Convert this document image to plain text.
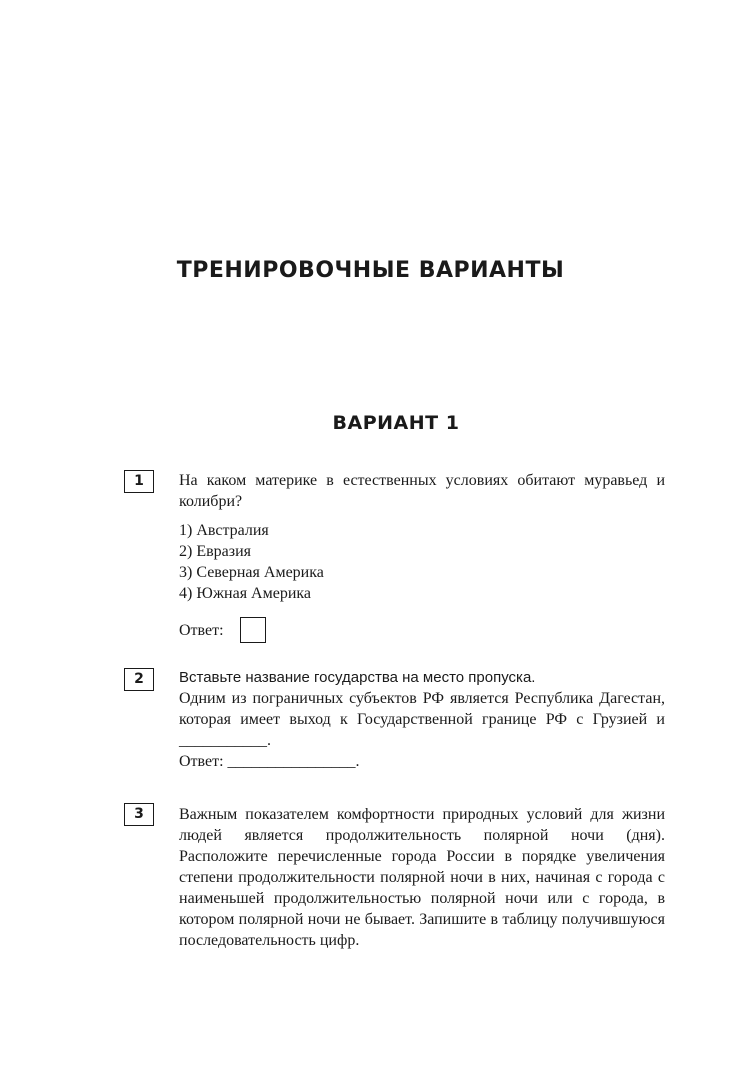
ТРЕНИРОВОЧНЫЕ ВАРИАНТЫ
ВАРИАНТ 1
1	На каком материке в естественных условиях обитают муравьед и колибри?

1) Австралия
2) Евразия
3) Северная Америка
4) Южная Америка
Ответ:
2	Вставьте название государства на место пропуска.

Одним из пограничных субъектов РФ является Республика Дагестан, которая имеет выход к Государственной границе РФ с Грузией и ___________.

Ответ: ________________.

3	Важным показателем комфортности природных условий для жизни людей является продолжительность полярной ночи (дня). Расположите перечисленные города России в порядке увеличения степени продолжительности полярной ночи в них, начиная с города с наименьшей продолжительностью полярной ночи или с города, в котором полярной ночи не бывает. Запишите в таблицу получившуюся последовательность цифр.
